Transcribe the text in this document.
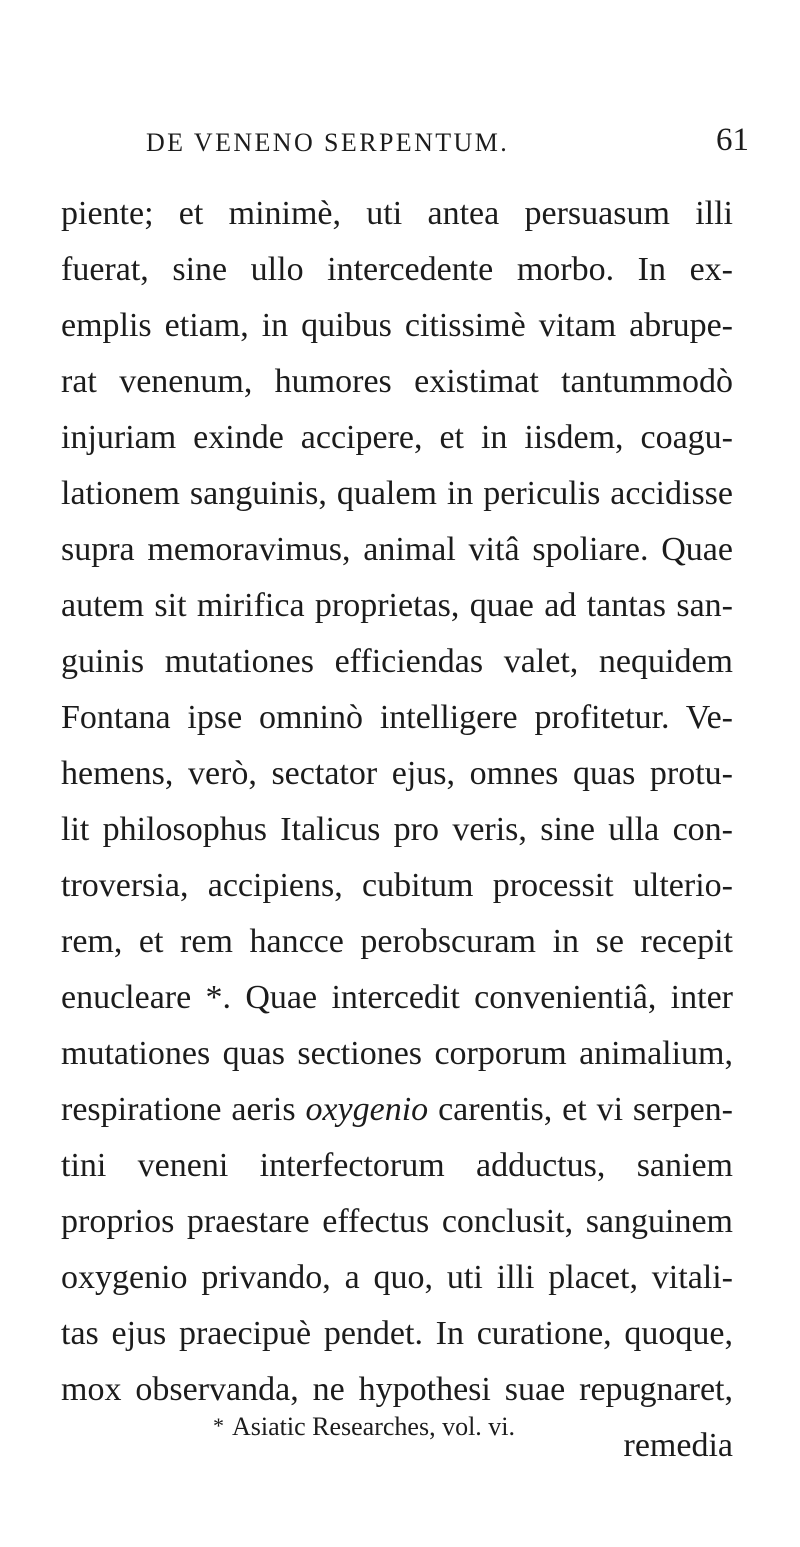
DE VENENO SERPENTUM.	61
piente; et minimè, uti antea persuasum illi
fuerat, sine ullo intercedente morbo. In ex-
emplis etiam, in quibus citissimè vitam abrupe-
rat venenum, humores existimat tantummodò
injuriam exinde accipere, et in iisdem, coagu-
lationem sanguinis, qualem in periculis accidisse
supra memoravimus, animal vitâ spoliare. Quae
autem sit mirifica proprietas, quae ad tantas san-
guinis mutationes efficiendas valet, nequidem
Fontana ipse omninò intelligere profitetur. Ve-
hemens, verò, sectator ejus, omnes quas protu-
lit philosophus Italicus pro veris, sine ulla con-
troversia, accipiens, cubitum processit ulterio-
rem, et rem hancce perobscuram in se recepit
enucleare *. Quae intercedit convenientiâ, inter
mutationes quas sectiones corporum animalium,
respiratione aeris oxygenio carentis, et vi serpen-
tini veneni interfectorum adductus, saniem
proprios praestare effectus conclusit, sanguinem
oxygenio privando, a quo, uti illi placet, vitali-
tas ejus praecipuè pendet. In curatione, quoque,
mox observanda, ne hypothesi suae repugnaret,
remedia
* Asiatic Researches, vol. vi.
